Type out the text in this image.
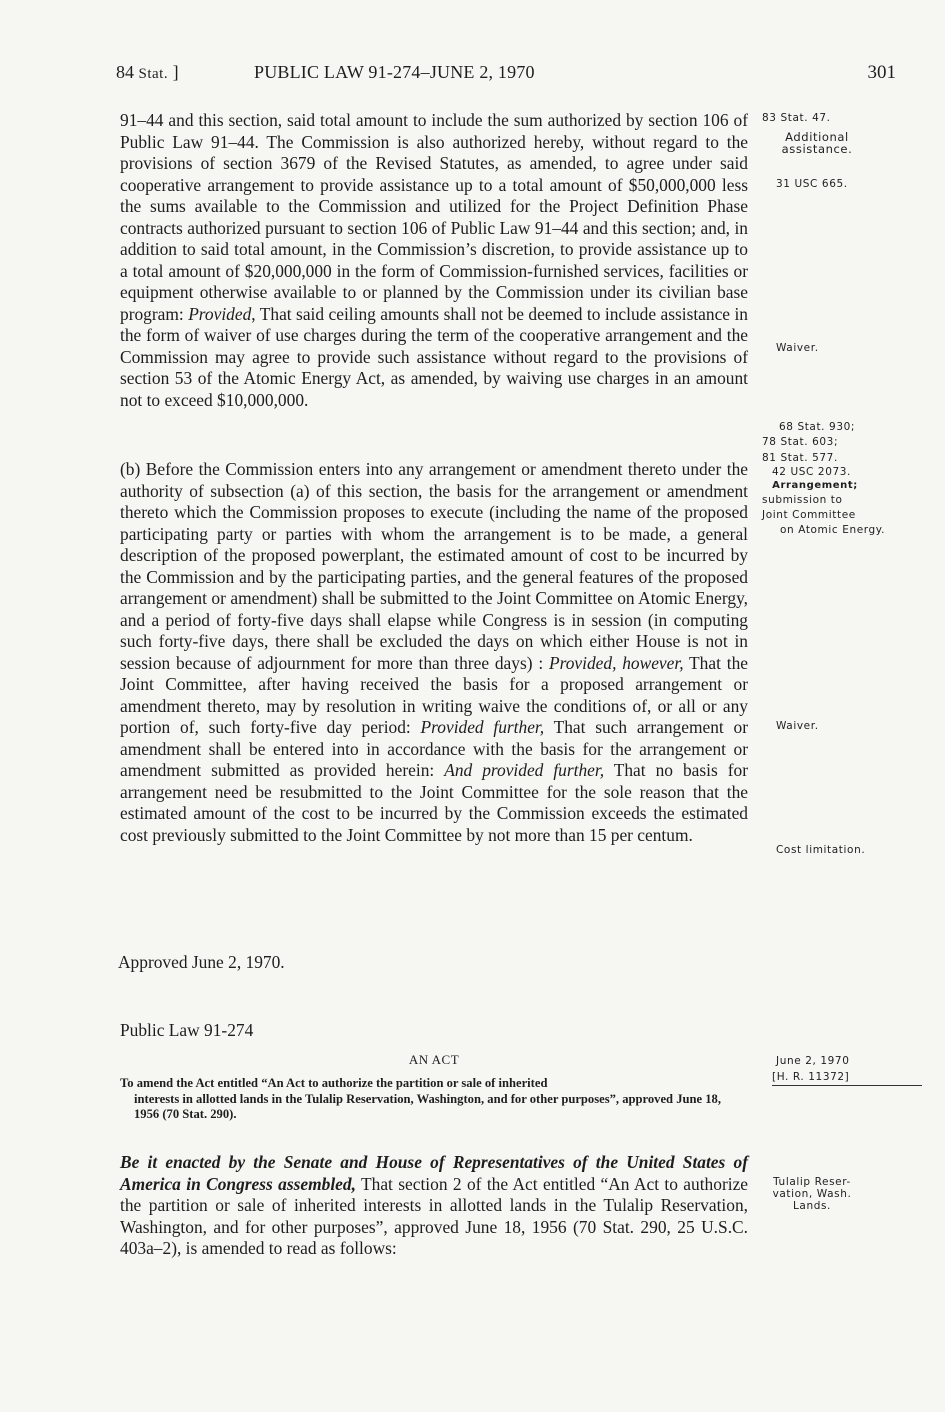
84 Stat. ]	PUBLIC LAW 91-274–JUNE 2, 1970	301

91–44 and this section, said total amount to include the sum authorized by section 106 of Public Law 91–44. The Commission is also authorized hereby, without regard to the provisions of section 3679 of the Revised Statutes, as amended, to agree under said cooperative arrangement to provide assistance up to a total amount of $50,000,000 less the sums available to the Commission and utilized for the Project Definition Phase contracts authorized pursuant to section 106 of Public Law 91–44 and this section; and, in addition to said total amount, in the Commission’s discretion, to provide assistance up to a total amount of $20,000,000 in the form of Commission-furnished services, facilities or equipment otherwise available to or planned by the Commission under its civilian base program: Provided, That said ceiling amounts shall not be deemed to include assistance in the form of waiver of use charges during the term of the cooperative arrangement and the Commission may agree to provide such assistance without regard to the provisions of section 53 of the Atomic Energy Act, as amended, by waiving use charges in an amount not to exceed $10,000,000.

(b) Before the Commission enters into any arrangement or amendment thereto under the authority of subsection (a) of this section, the basis for the arrangement or amendment thereto which the Commission proposes to execute (including the name of the proposed participating party or parties with whom the arrangement is to be made, a general description of the proposed powerplant, the estimated amount of cost to be incurred by the Commission and by the participating parties, and the general features of the proposed arrangement or amendment) shall be submitted to the Joint Committee on Atomic Energy, and a period of forty-five days shall elapse while Congress is in session (in computing such forty-five days, there shall be excluded the days on which either House is not in session because of adjournment for more than three days) : Provided, however, That the Joint Committee, after having received the basis for a proposed arrangement or amendment thereto, may by resolution in writing waive the conditions of, or all or any portion of, such forty-five day period: Provided further, That such arrangement or amendment shall be entered into in accordance with the basis for the arrangement or amendment submitted as provided herein: And provided further, That no basis for arrangement need be resubmitted to the Joint Committee for the sole reason that the estimated amount of the cost to be incurred by the Commission exceeds the estimated cost previously submitted to the Joint Committee by not more than 15 per centum.

Approved June 2, 1970.
Public Law 91-274
AN ACT
To amend the Act entitled “An Act to authorize the partition or sale of inherited
interests in allotted lands in the Tulalip Reservation, Washington, and for other purposes”, approved June 18, 1956 (70 Stat. 290).

Be it enacted by the Senate and House of Representatives of the United States of America in Congress assembled, That section 2 of the Act entitled “An Act to authorize the partition or sale of inherited interests in allotted lands in the Tulalip Reservation, Washington, and for other purposes”, approved June 18, 1956 (70 Stat. 290, 25 U.S.C. 403a–2), is amended to read as follows:

83 Stat. 47.
Additional
assistance.
31 USC 665.
Waiver.
68 Stat. 930;
78 Stat. 603;
81 Stat. 577.
42 USC 2073.
Arrangement;
submission to
Joint Committee
on Atomic Energy.
Waiver.
Cost limitation.
June 2, 1970
[H. R. 11372]
Tulalip Reser-
vation, Wash.
Lands.
